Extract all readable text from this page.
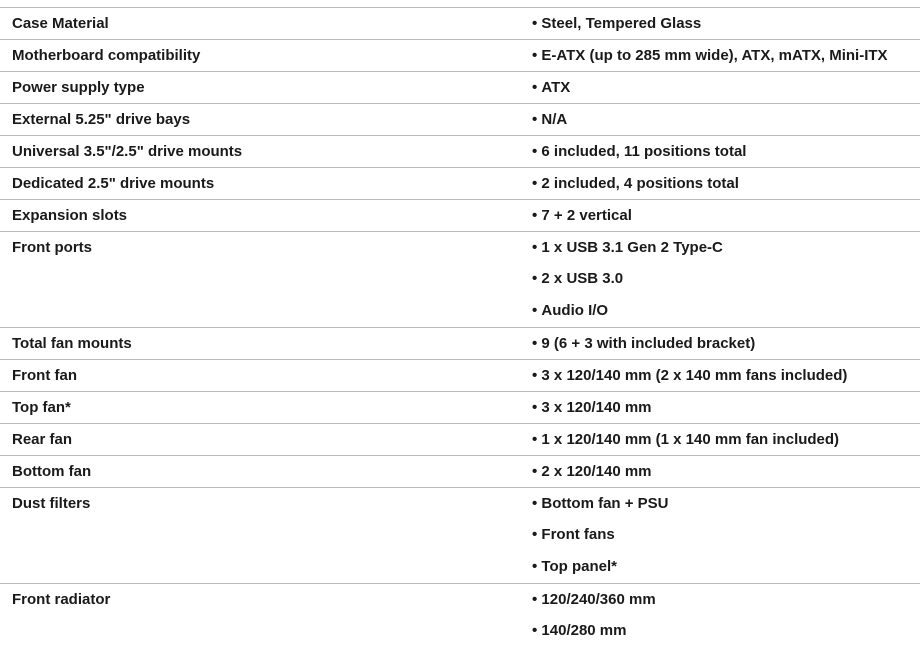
Case Material	• Steel, Tempered Glass
Motherboard compatibility	• E-ATX (up to 285 mm wide), ATX, mATX, Mini-ITX
Power supply type	• ATX
External 5.25" drive bays	• N/A
Universal 3.5"/2.5" drive mounts	• 6 included, 11 positions total
Dedicated 2.5" drive mounts	• 2 included, 4 positions total
Expansion slots	• 7 + 2 vertical
Front ports	• 1 x USB 3.1 Gen 2 Type-C
• 2 x USB 3.0
• Audio I/O
Total fan mounts	• 9 (6 + 3 with included bracket)
Front fan	• 3 x 120/140 mm (2 x 140 mm fans included)
Top fan*	• 3 x 120/140 mm
Rear fan	• 1 x 120/140 mm (1 x 140 mm fan included)
Bottom fan	• 2 x 120/140 mm
Dust filters	• Bottom fan + PSU
• Front fans
• Top panel*
Front radiator	• 120/240/360 mm
• 140/280 mm
